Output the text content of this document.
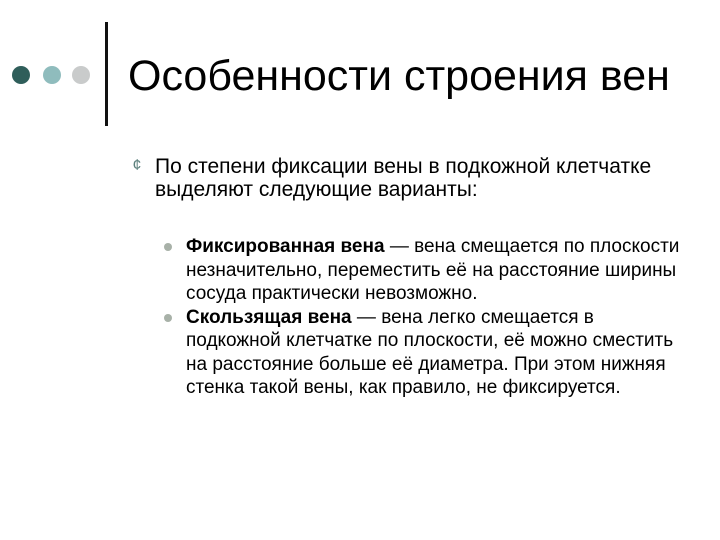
Особенности строения вен
¢ По степени фиксации вены в подкожной клетчатке выделяют следующие варианты:

Фиксированная вена — вена смещается по плоскости незначительно, переместить её на расстояние ширины сосуда практически невозможно.
Скользящая вена — вена легко смещается в подкожной клетчатке по плоскости, её можно сместить на расстояние больше её диаметра. При этом нижняя стенка такой вены, как правило, не фиксируется.
